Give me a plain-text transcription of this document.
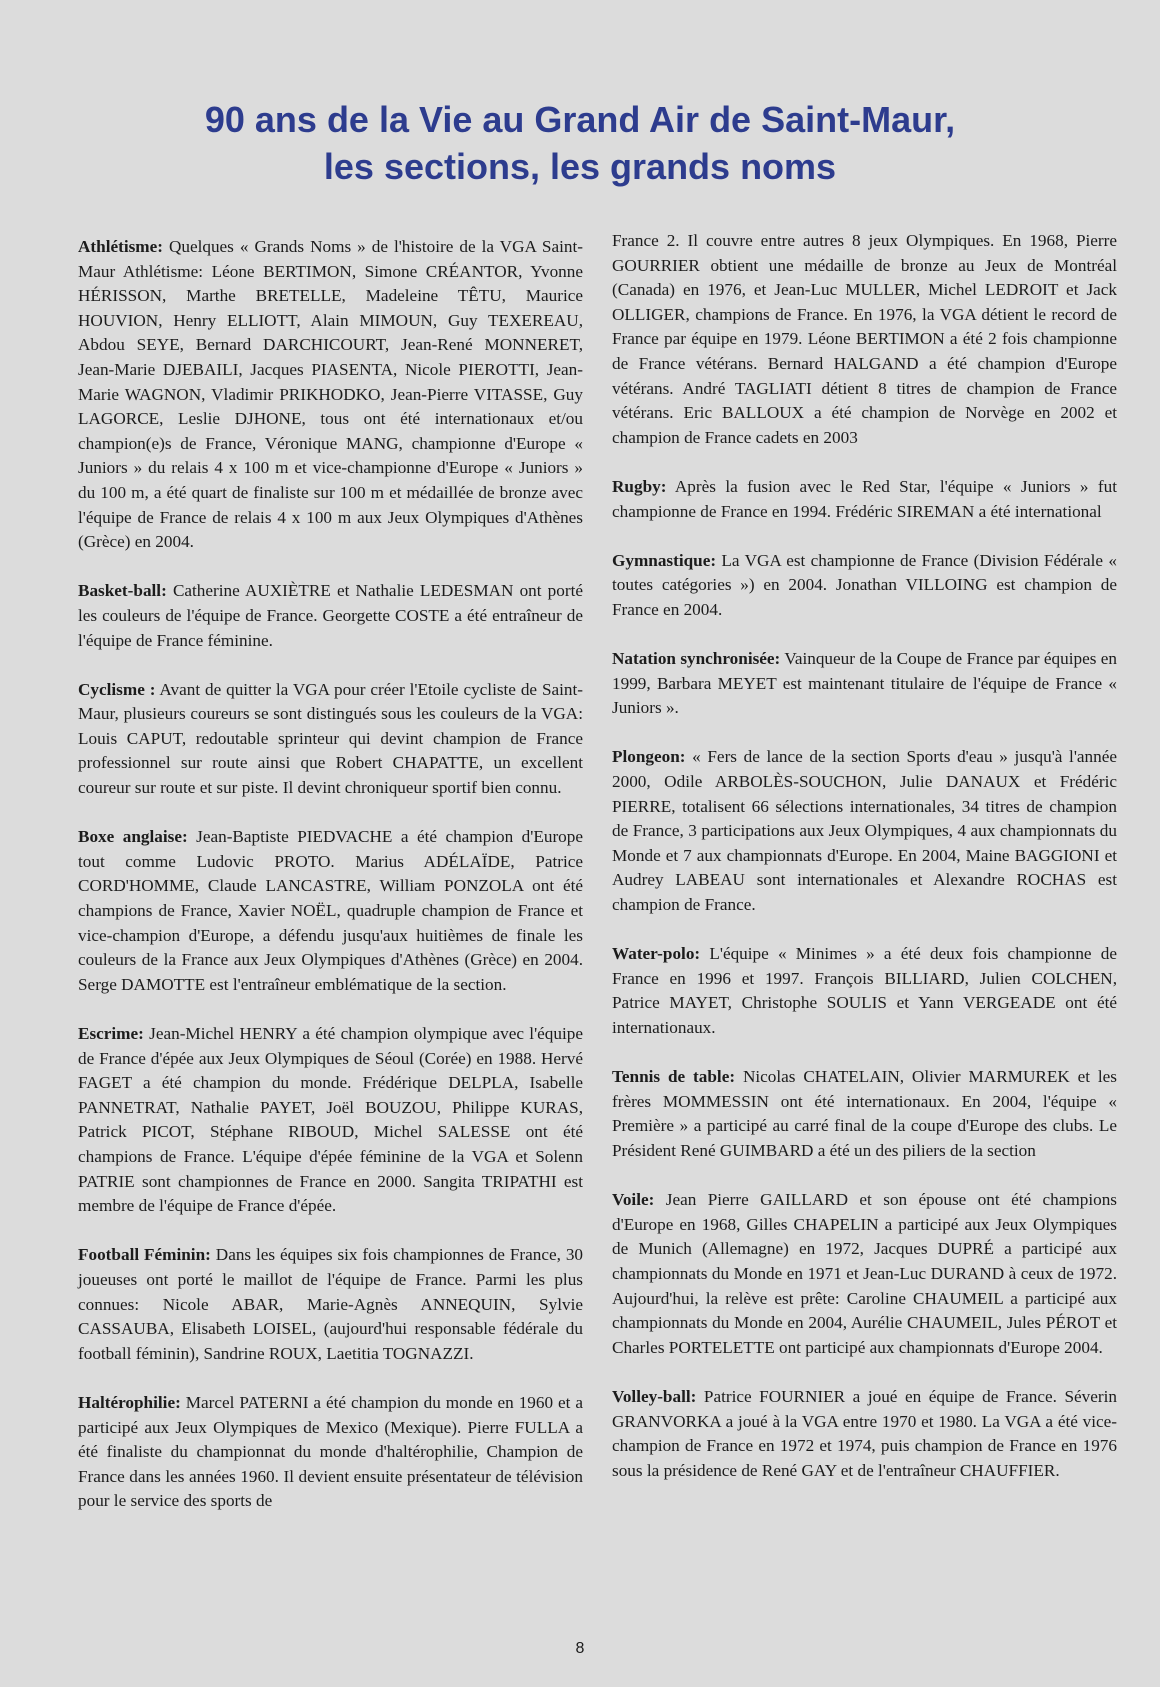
90 ans de la Vie au Grand Air de Saint-Maur,
les sections, les grands noms

Athlétisme: Quelques « Grands Noms » de l'histoire de la VGA Saint-Maur Athlétisme: Léone BERTIMON, Simone CRÉANTOR, Yvonne HÉRISSON, Marthe BRETELLE, Madeleine TÊTU, Maurice HOUVION, Henry ELLIOTT, Alain MIMOUN, Guy TEXEREAU, Abdou SEYE, Bernard DARCHICOURT, Jean-René MONNERET, Jean-Marie DJEBAILI, Jacques PIASENTA, Nicole PIEROTTI, Jean-Marie WAGNON, Vladimir PRIKHODKO, Jean-Pierre VITASSE, Guy LAGORCE, Leslie DJHONE, tous ont été internationaux et/ou champion(e)s de France, Véronique MANG, championne d'Europe « Juniors » du relais 4 x 100 m et vice-championne d'Europe « Juniors » du 100 m, a été quart de finaliste sur 100 m et médaillée de bronze avec l'équipe de France de relais 4 x 100 m aux Jeux Olympiques d'Athènes (Grèce) en 2004.

Basket-ball: Catherine AUXIÈTRE et Nathalie LEDESMAN ont porté les couleurs de l'équipe de France. Georgette COSTE a été entraîneur de l'équipe de France féminine.

Cyclisme : Avant de quitter la VGA pour créer l'Etoile cycliste de Saint-Maur, plusieurs coureurs se sont distingués sous les couleurs de la VGA: Louis CAPUT, redoutable sprinteur qui devint champion de France professionnel sur route ainsi que Robert CHAPATTE, un excellent coureur sur route et sur piste. Il devint chroniqueur sportif bien connu.

Boxe anglaise: Jean-Baptiste PIEDVACHE a été champion d'Europe tout comme Ludovic PROTO. Marius ADÉLAÏDE, Patrice CORD'HOMME, Claude LANCASTRE, William PONZOLA ont été champions de France, Xavier NOËL, quadruple champion de France et vice-champion d'Europe, a défendu jusqu'aux huitièmes de finale les couleurs de la France aux Jeux Olympiques d'Athènes (Grèce) en 2004. Serge DAMOTTE est l'entraîneur emblématique de la section.

Escrime: Jean-Michel HENRY a été champion olympique avec l'équipe de France d'épée aux Jeux Olympiques de Séoul (Corée) en 1988. Hervé FAGET a été champion du monde. Frédérique DELPLA, Isabelle PANNETRAT, Nathalie PAYET, Joël BOUZOU, Philippe KURAS, Patrick PICOT, Stéphane RIBOUD, Michel SALESSE ont été champions de France. L'équipe d'épée féminine de la VGA et Solenn PATRIE sont championnes de France en 2000. Sangita TRIPATHI est membre de l'équipe de France d'épée.

Football Féminin: Dans les équipes six fois championnes de France, 30 joueuses ont porté le maillot de l'équipe de France. Parmi les plus connues: Nicole ABAR, Marie-Agnès ANNEQUIN, Sylvie CASSAUBA, Elisabeth LOISEL, (aujourd'hui responsable fédérale du football féminin), Sandrine ROUX, Laetitia TOGNAZZI.

Haltérophilie: Marcel PATERNI a été champion du monde en 1960 et a participé aux Jeux Olympiques de Mexico (Mexique). Pierre FULLA a été finaliste du championnat du monde d'haltérophilie, Champion de France dans les années 1960. Il devient ensuite présentateur de télévision pour le service des sports de

France 2. Il couvre entre autres 8 jeux Olympiques. En 1968, Pierre GOURRIER obtient une médaille de bronze au Jeux de Montréal (Canada) en 1976, et Jean-Luc MULLER, Michel LEDROIT et Jack OLLIGER, champions de France. En 1976, la VGA détient le record de France par équipe en 1979. Léone BERTIMON a été 2 fois championne de France vétérans. Bernard HALGAND a été champion d'Europe vétérans. André TAGLIATI détient 8 titres de champion de France vétérans. Eric BALLOUX a été champion de Norvège en 2002 et champion de France cadets en 2003

Rugby: Après la fusion avec le Red Star, l'équipe « Juniors » fut championne de France en 1994. Frédéric SIREMAN a été international

Gymnastique: La VGA est championne de France (Division Fédérale « toutes catégories ») en 2004. Jonathan VILLOING est champion de France en 2004.

Natation synchronisée: Vainqueur de la Coupe de France par équipes en 1999, Barbara MEYET est maintenant titulaire de l'équipe de France « Juniors ».

Plongeon: « Fers de lance de la section Sports d'eau » jusqu'à l'année 2000, Odile ARBOLÈS-SOUCHON, Julie DANAUX et Frédéric PIERRE, totalisent 66 sélections internationales, 34 titres de champion de France, 3 participations aux Jeux Olympiques, 4 aux championnats du Monde et 7 aux championnats d'Europe. En 2004, Maine BAGGIONI et Audrey LABEAU sont internationales et Alexandre ROCHAS est champion de France.

Water-polo: L'équipe « Minimes » a été deux fois championne de France en 1996 et 1997. François BILLIARD, Julien COLCHEN, Patrice MAYET, Christophe SOULIS et Yann VERGEADE ont été internationaux.

Tennis de table: Nicolas CHATELAIN, Olivier MARMUREK et les frères MOMMESSIN ont été internationaux. En 2004, l'équipe « Première » a participé au carré final de la coupe d'Europe des clubs. Le Président René GUIMBARD a été un des piliers de la section

Voile: Jean Pierre GAILLARD et son épouse ont été champions d'Europe en 1968, Gilles CHAPELIN a participé aux Jeux Olympiques de Munich (Allemagne) en 1972, Jacques DUPRÉ a participé aux championnats du Monde en 1971 et Jean-Luc DURAND à ceux de 1972. Aujourd'hui, la relève est prête: Caroline CHAUMEIL a participé aux championnats du Monde en 2004, Aurélie CHAUMEIL, Jules PÉROT et Charles PORTELETTE ont participé aux championnats d'Europe 2004.

Volley-ball: Patrice FOURNIER a joué en équipe de France. Séverin GRANVORKA a joué à la VGA entre 1970 et 1980. La VGA a été vice-champion de France en 1972 et 1974, puis champion de France en 1976 sous la présidence de René GAY et de l'entraîneur CHAUFFIER.

8
